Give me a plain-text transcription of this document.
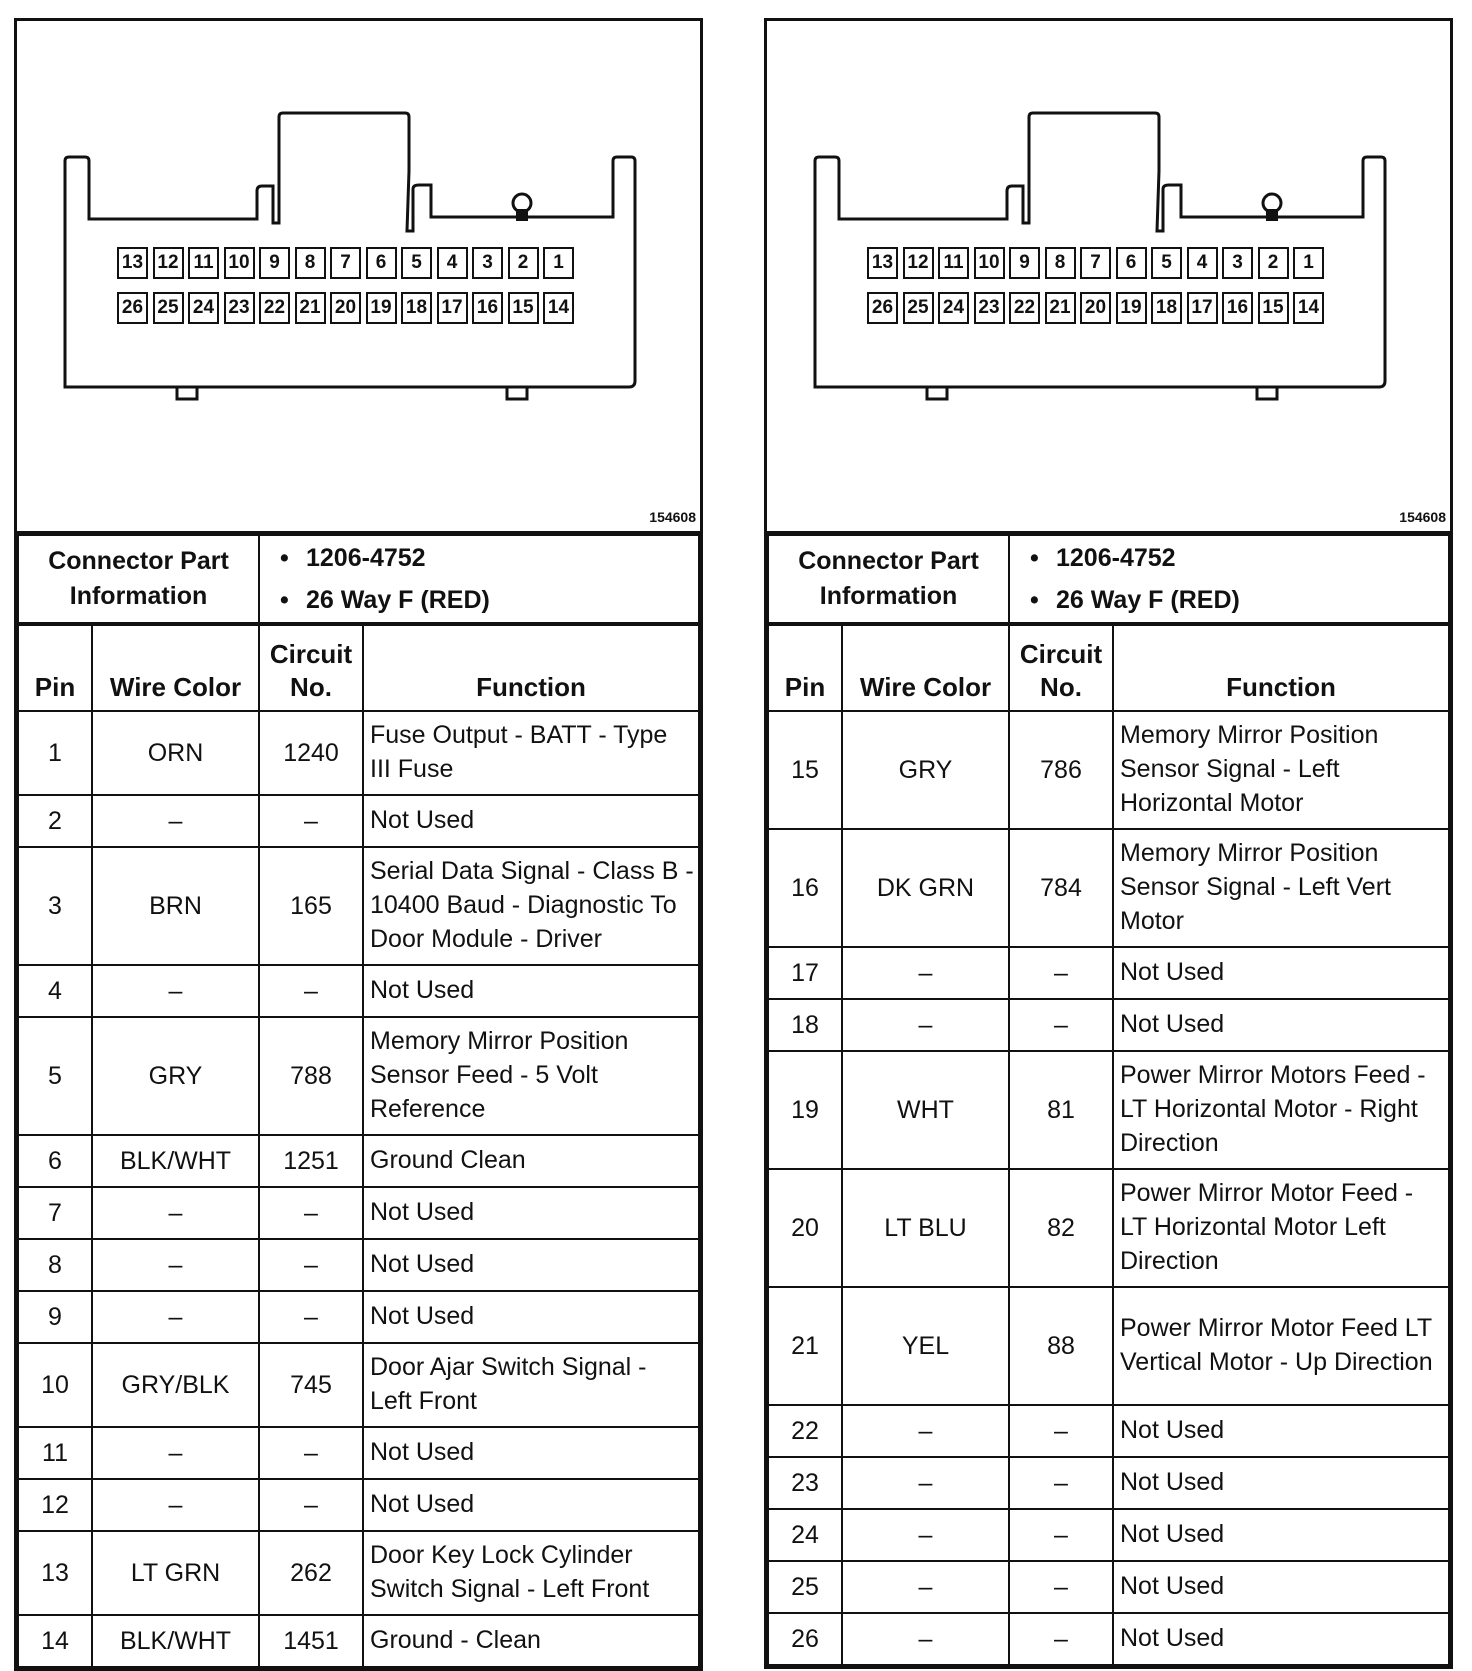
154608
13 12 11 10	9	8	7	6	5	4	3	2	1
26 25 24 23 22 21 20 19 18 17 16 15 14
Connector Part Information	
• 1206-4752
• 26 Way F (RED)
Pin	Wire Color	Circuit No.	Function
1	ORN	1240	Fuse Output - BATT - Type III Fuse
2	–	–	Not Used
3	BRN	165	Serial Data Signal - Class B - 10400 Baud - Diagnostic To Door Module - Driver
4	–	–	Not Used
5	GRY	788	Memory Mirror Position Sensor Feed - 5 Volt Reference
6	BLK/WHT	1251	Ground Clean
7	–	–	Not Used
8	–	–	Not Used
9	–	–	Not Used
10	GRY/BLK	745	Door Ajar Switch Signal - Left Front
11	–	–	Not Used
12	–	–	Not Used
13	LT GRN	262	Door Key Lock Cylinder Switch Signal - Left Front
14	BLK/WHT	1451	Ground - Clean
154608
13 12 11 10	9	8	7	6	5	4	3	2	1
26 25 24 23 22 21 20 19 18 17 16 15 14
Connector Part Information	
• 1206-4752
• 26 Way F (RED)
Pin	Wire Color	Circuit No.	Function
15	GRY	786	Memory Mirror Position Sensor Signal - Left Horizontal Motor
16	DK GRN	784	Memory Mirror Position Sensor Signal - Left Vert Motor
17	–	–	Not Used
18	–	–	Not Used
19	WHT	81	Power Mirror Motors Feed - LT Horizontal Motor - Right Direction
20	LT BLU	82	Power Mirror Motor Feed - LT Horizontal Motor Left Direction
21	YEL	88	Power Mirror Motor Feed LT Vertical Motor - Up Direction
22	–	–	Not Used
23	–	–	Not Used
24	–	–	Not Used
25	–	–	Not Used
26	–	–	Not Used
